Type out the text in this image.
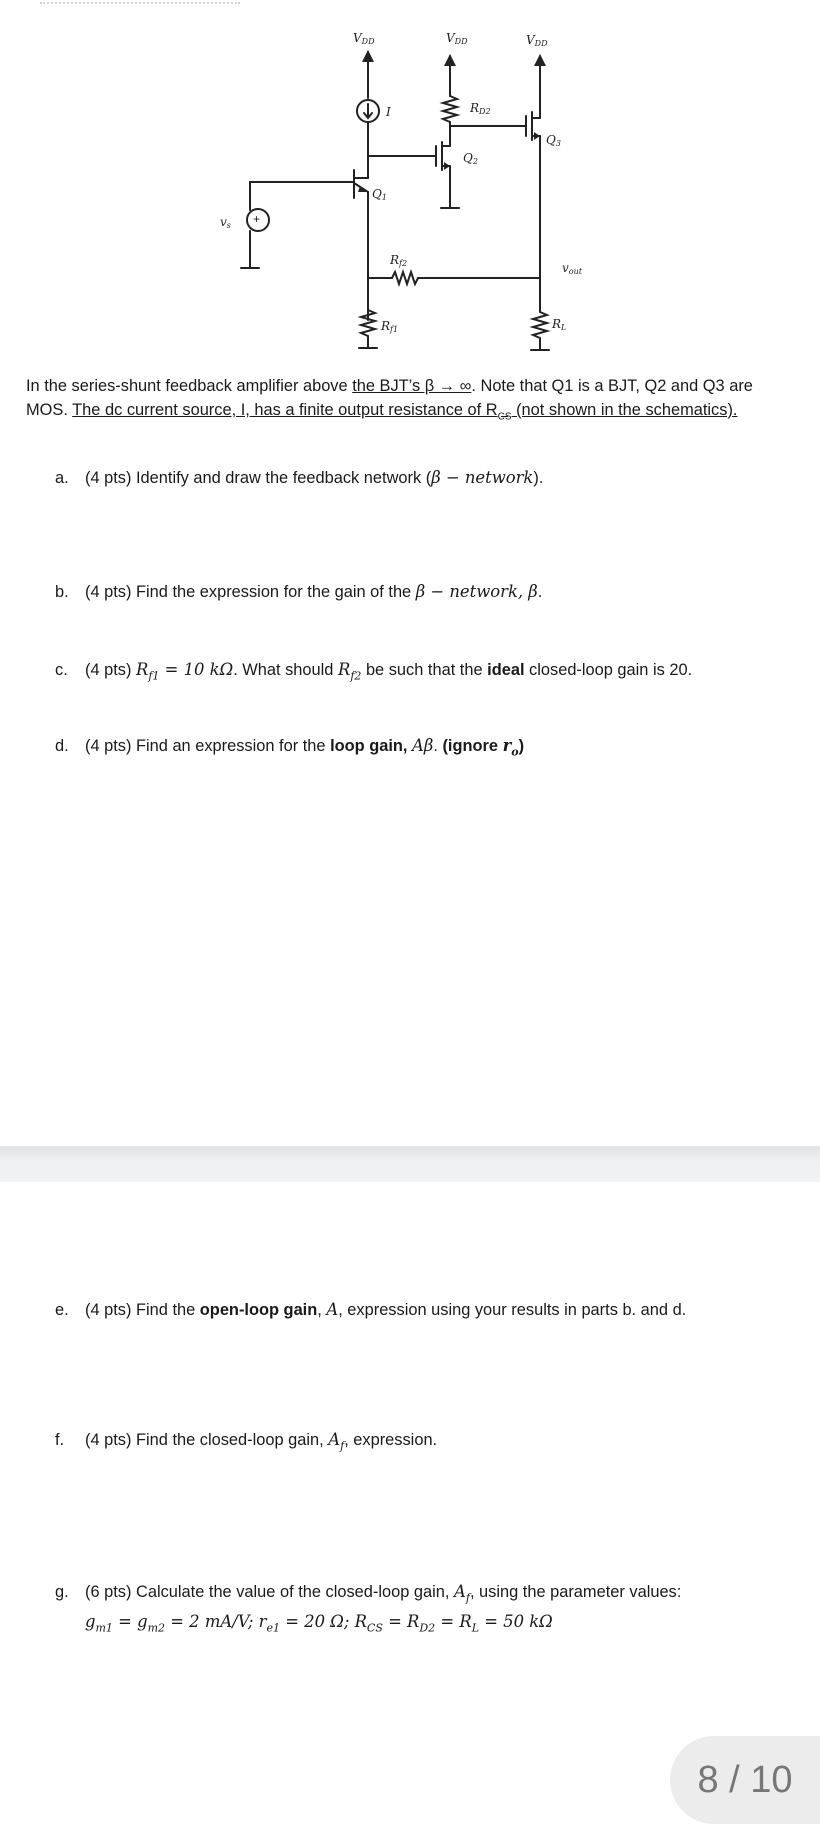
VDD	VDD	VDD
I	RD2
Q2
Q3
Q1
vs +
Rf2
Rf1
vout
RL
In the series-shunt feedback amplifier above the BJT’s β → ∞. Note that Q1 is a BJT, Q2 and Q3 are MOS. The dc current source, I, has a finite output resistance of $R_{CS}$ (not shown in the schematics).
a. (4 pts) Identify and draw the feedback network (β − network).
b. (4 pts) Find the expression for the gain of the β − network, β.
c. (4 pts) $R_{f1} = 10$ kΩ. What should $R_{f2}$ be such that the ideal closed-loop gain is 20.
d. (4 pts) Find an expression for the loop gain, Aβ. (ignore $r_o$)
e. (4 pts) Find the open-loop gain, A, expression using your results in parts b. and d.
f. (4 pts) Find the closed-loop gain, $A_f$, expression.
g. (6 pts) Calculate the value of the closed-loop gain, $A_f$, using the parameter values:
$g_{m1} = g_{m2} = 2$ mA/V; $r_{e1} = 20$ Ω; $R_{CS} = R_{D2} = R_L = 50$ kΩ
8 / 10
